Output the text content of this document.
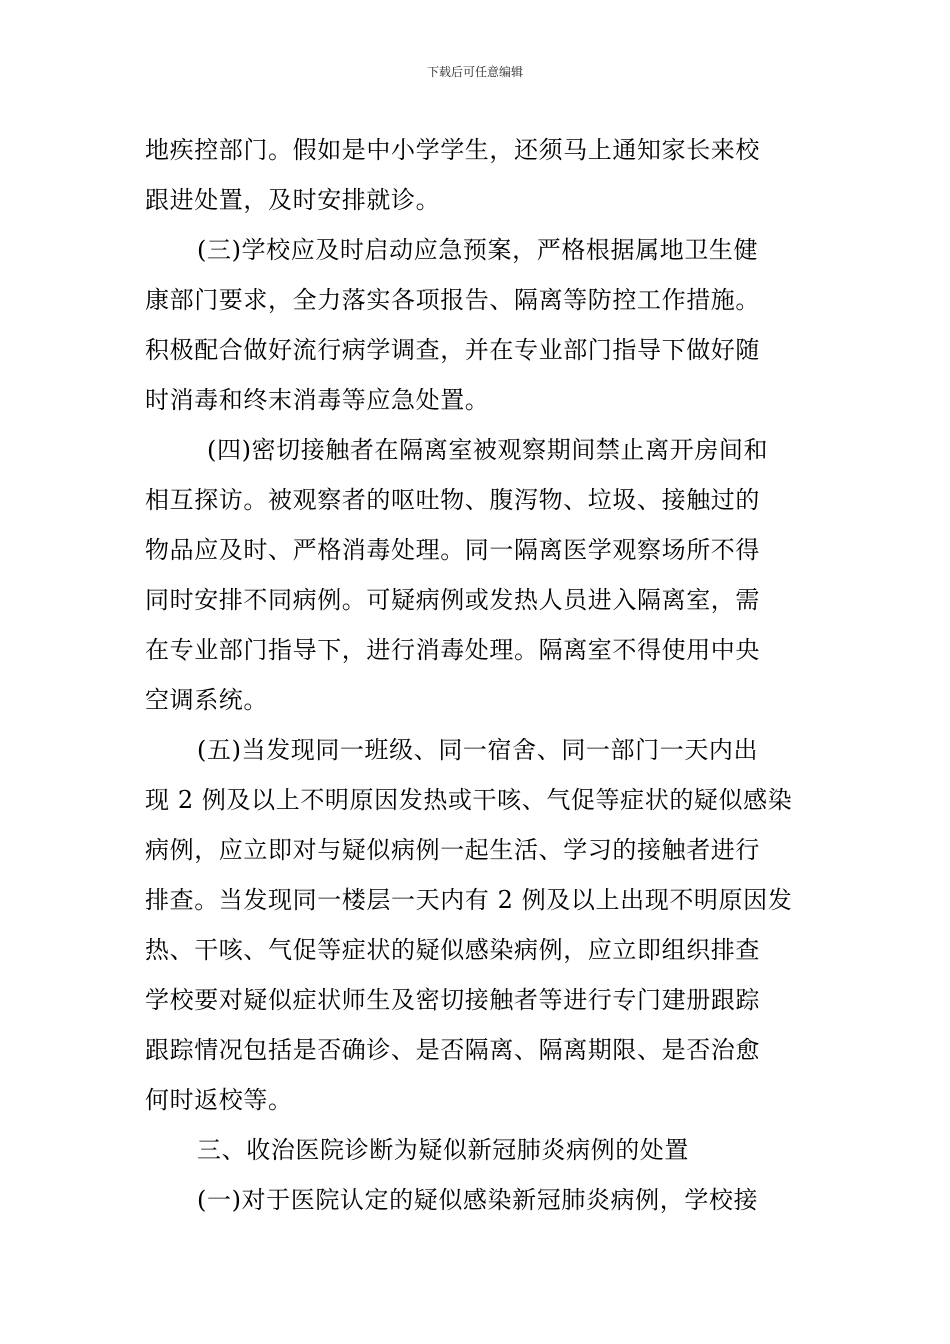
下载后可任意编辑
地疾控部门。假如是中小学学生，还须马上通知家长来校
跟进处置，及时安排就诊。
(三)学校应及时启动应急预案，严格根据属地卫生健
康部门要求，全力落实各项报告、隔离等防控工作措施。
积极配合做好流行病学调查，并在专业部门指导下做好随
时消毒和终末消毒等应急处置。
(四)密切接触者在隔离室被观察期间禁止离开房间和
相互探访。被观察者的呕吐物、腹泻物、垃圾、接触过的
物品应及时、严格消毒处理。同一隔离医学观察场所不得
同时安排不同病例。可疑病例或发热人员进入隔离室，需
在专业部门指导下，进行消毒处理。隔离室不得使用中央
空调系统。
(五)当发现同一班级、同一宿舍、同一部门一天内出
现 2 例及以上不明原因发热或干咳、气促等症状的疑似感染
病例，应立即对与疑似病例一起生活、学习的接触者进行
排查。当发现同一楼层一天内有 2 例及以上出现不明原因发
热、干咳、气促等症状的疑似感染病例，应立即组织排查
学校要对疑似症状师生及密切接触者等进行专门建册跟踪
跟踪情况包括是否确诊、是否隔离、隔离期限、是否治愈
何时返校等。
三、收治医院诊断为疑似新冠肺炎病例的处置
(一)对于医院认定的疑似感染新冠肺炎病例，学校接
